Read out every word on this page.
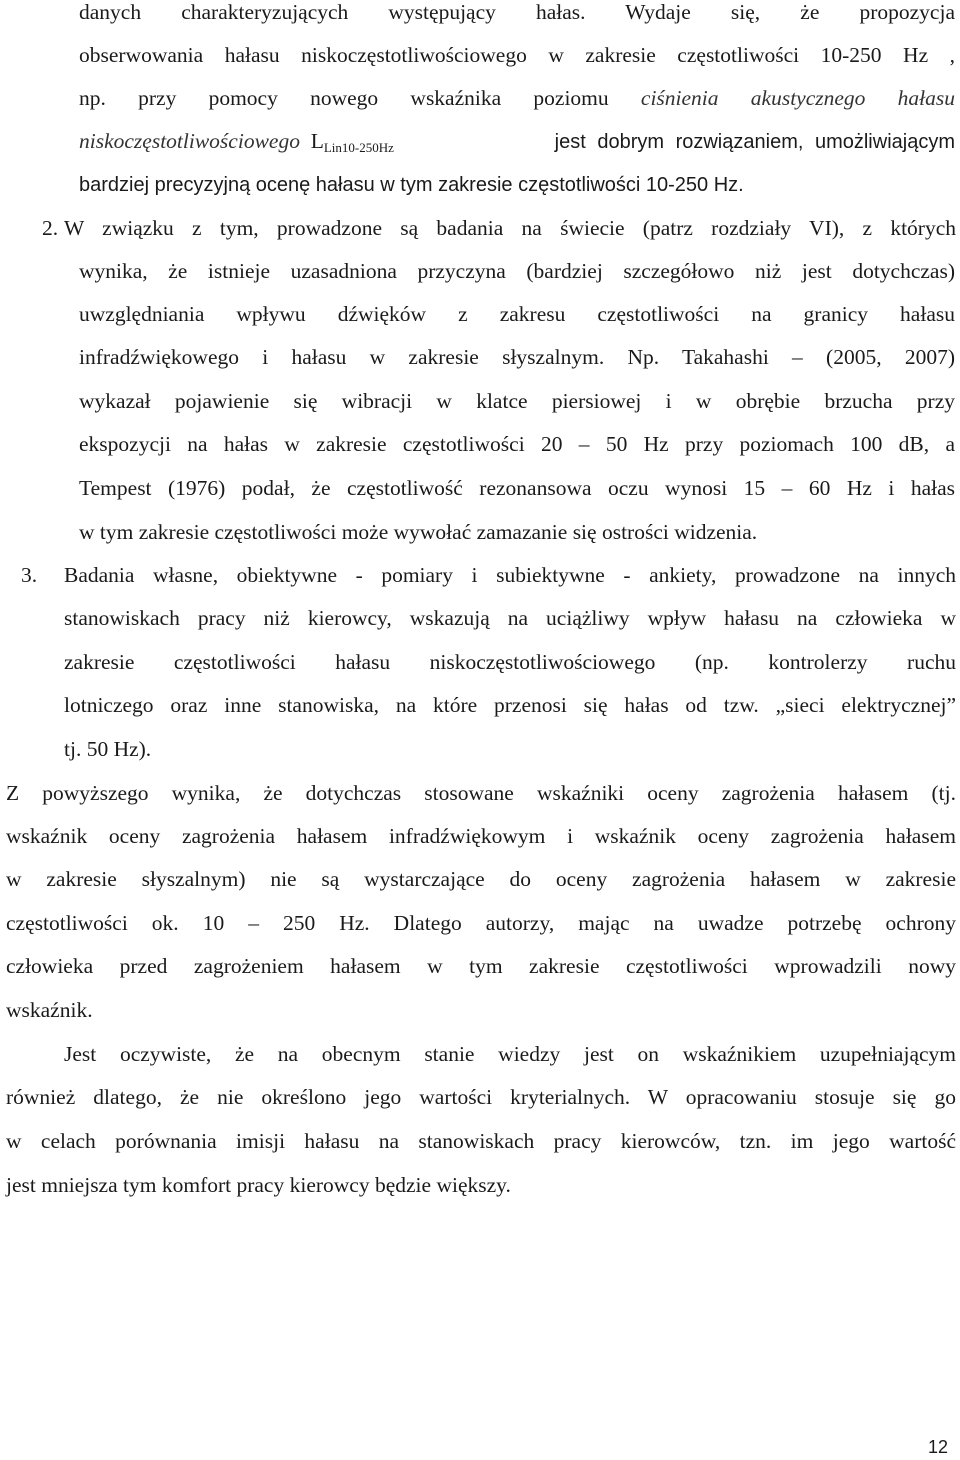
danych charakteryzujących występujący hałas. Wydaje się, że propozycja
obserwowania hałasu niskoczęstotliwościowego w zakresie częstotliwości 10-250 Hz ,
np. przy pomocy nowego wskaźnika poziomu ciśnienia akustycznego hałasu
niskoczęstotliwościowego LLin10-250Hz	jest dobrym rozwiązaniem, umożliwiającym
bardziej precyzyjną ocenę hałasu w tym zakresie częstotliwości 10-250 Hz.
2. W związku z tym, prowadzone są badania na świecie (patrz rozdziały VI), z których
wynika, że istnieje uzasadniona przyczyna (bardziej szczegółowo niż jest dotychczas)
uwzględniania wpływu dźwięków z zakresu częstotliwości na granicy hałasu
infradźwiękowego i hałasu w zakresie słyszalnym. Np. Takahashi – (2005, 2007)
wykazał pojawienie się wibracji w klatce piersiowej i w obrębie brzucha przy
ekspozycji na hałas w zakresie częstotliwości 20 – 50 Hz przy poziomach 100 dB, a
Tempest (1976) podał, że częstotliwość rezonansowa oczu wynosi 15 – 60 Hz i hałas
w tym zakresie częstotliwości może wywołać zamazanie się ostrości widzenia.
3. Badania własne, obiektywne - pomiary i subiektywne - ankiety, prowadzone na innych
stanowiskach pracy niż kierowcy, wskazują na uciążliwy wpływ hałasu na człowieka w
zakresie częstotliwości hałasu niskoczęstotliwościowego (np. kontrolerzy ruchu
lotniczego oraz inne stanowiska, na które przenosi się hałas od tzw. „sieci elektrycznej”
tj. 50 Hz).
Z powyższego wynika, że dotychczas stosowane wskaźniki oceny zagrożenia hałasem (tj.
wskaźnik oceny zagrożenia hałasem infradźwiękowym i wskaźnik oceny zagrożenia hałasem
w zakresie słyszalnym) nie są wystarczające do oceny zagrożenia hałasem w zakresie
częstotliwości ok. 10 – 250 Hz. Dlatego autorzy, mając na uwadze potrzebę ochrony
człowieka przed zagrożeniem hałasem w tym zakresie częstotliwości wprowadzili nowy
wskaźnik.
Jest oczywiste, że na obecnym stanie wiedzy jest on wskaźnikiem uzupełniającym
również dlatego, że nie określono jego wartości kryterialnych. W opracowaniu stosuje się go
w celach porównania imisji hałasu na stanowiskach pracy kierowców, tzn. im jego wartość
jest mniejsza tym komfort pracy kierowcy będzie większy.
12
